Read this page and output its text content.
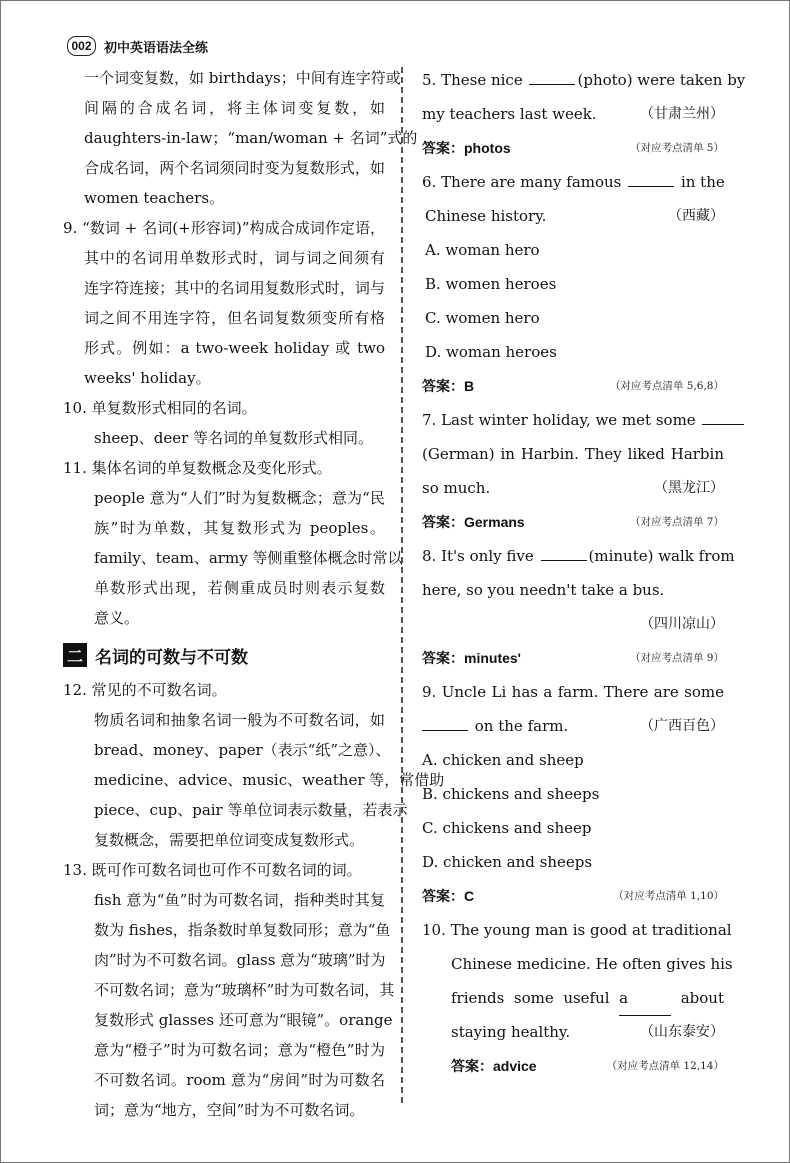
002 初中英语语法全练
一个词变复数，如 birthdays；中间有连字符或
间隔的合成名词，将主体词变复数，如
daughters-in-law；“man/woman + 名词”式的
合成名词，两个名词须同时变为复数形式，如
women teachers。
9. “数词 + 名词(+形容词)”构成合成词作定语，
其中的名词用单数形式时，词与词之间须有
连字符连接；其中的名词用复数形式时，词与
词之间不用连字符，但名词复数须变所有格
形式。例如：a two-week holiday 或 two
weeks' holiday。
10. 单复数形式相同的名词。
sheep、deer 等名词的单复数形式相同。
11. 集体名词的单复数概念及变化形式。
people 意为“人们”时为复数概念；意为“民
族”时为单数，其复数形式为 peoples。
family、team、army 等侧重整体概念时常以
单数形式出现，若侧重成员时则表示复数
意义。
二 名词的可数与不可数
12. 常见的不可数名词。
物质名词和抽象名词一般为不可数名词，如
bread、money、paper（表示“纸”之意）、
medicine、advice、music、weather 等，常借助
piece、cup、pair 等单位词表示数量，若表示
复数概念，需要把单位词变成复数形式。
13. 既可作可数名词也可作不可数名词的词。
fish 意为“鱼”时为可数名词，指种类时其复
数为 fishes，指条数时单复数同形；意为“鱼
肉”时为不可数名词。glass 意为“玻璃”时为
不可数名词；意为“玻璃杯”时为可数名词，其
复数形式 glasses 还可意为“眼镜”。orange
意为“橙子”时为可数名词；意为“橙色”时为
不可数名词。room 意为“房间”时为可数名
词；意为“地方，空间”时为不可数名词。
5. These nice	(photo) were taken by
my teachers last week.	（甘肃兰州）
答案：photos	（对应考点清单 5）
6. There are many famous	in the
Chinese history.	（西藏）
A. woman hero
B. women heroes
C. women hero
D. woman heroes
答案：B	（对应考点清单 5,6,8）
7. Last winter holiday, we met some
(German) in Harbin. They liked Harbin
so much.	（黑龙江）
答案：Germans	（对应考点清单 7）
8. It's only five	(minute) walk from
here, so you needn't take a bus.
（四川凉山）
答案：minutes'	（对应考点清单 9）
9. Uncle Li has a farm. There are some
on the farm.	（广西百色）
A. chicken and sheep
B. chickens and sheeps
C. chickens and sheep
D. chicken and sheeps
答案：C	（对应考点清单 1,10）
10. The young man is good at traditional
Chinese medicine. He often gives his
friends some useful a	about
staying healthy.	（山东泰安）
答案：advice	（对应考点清单 12,14）
